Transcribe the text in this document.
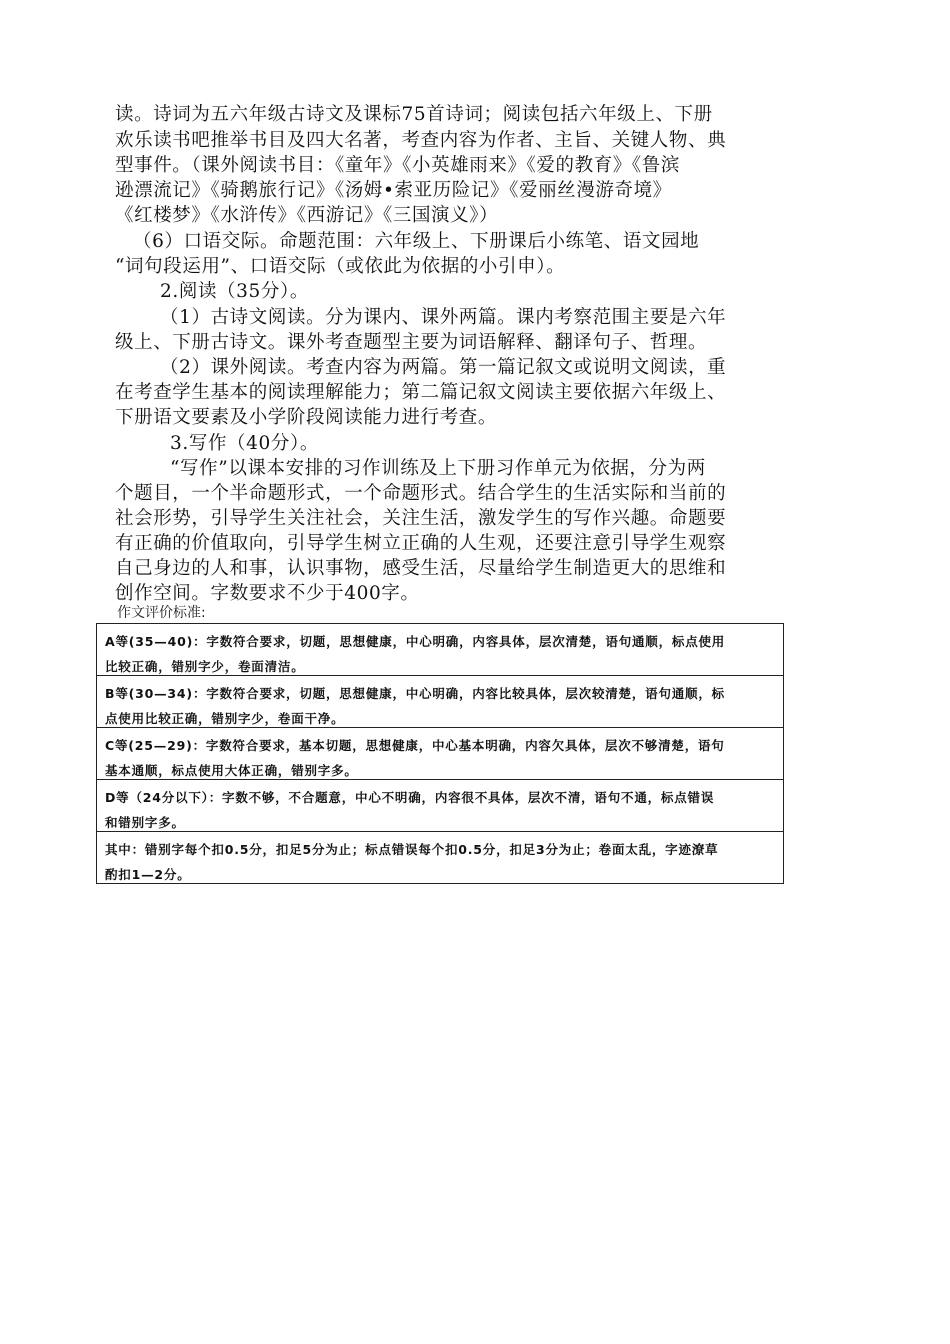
读。诗词为五六年级古诗文及课标75首诗词；阅读包括六年级上、下册
欢乐读书吧推举书目及四大名著，考查内容为作者、主旨、关键人物、典
型事件。（课外阅读书目：《童年》《小英雄雨来》《爱的教育》《鲁滨
逊漂流记》《骑鹅旅行记》《汤姆•索亚历险记》《爱丽丝漫游奇境》
《红楼梦》《水浒传》《西游记》《三国演义》）
（6）口语交际。命题范围：六年级上、下册课后小练笔、语文园地
“词句段运用”、口语交际（或依此为依据的小引申）。
2.阅读（35分）。
（1）古诗文阅读。分为课内、课外两篇。课内考察范围主要是六年
级上、下册古诗文。课外考查题型主要为词语解释、翻译句子、哲理。
（2）课外阅读。考查内容为两篇。第一篇记叙文或说明文阅读，重
在考查学生基本的阅读理解能力；第二篇记叙文阅读主要依据六年级上、
下册语文要素及小学阶段阅读能力进行考查。
3.写作（40分）。
“写作”以课本安排的习作训练及上下册习作单元为依据，分为两
个题目，一个半命题形式，一个命题形式。结合学生的生活实际和当前的
社会形势，引导学生关注社会，关注生活，激发学生的写作兴趣。命题要
有正确的价值取向，引导学生树立正确的人生观，还要注意引导学生观察
自己身边的人和事，认识事物，感受生活，尽量给学生制造更大的思维和
创作空间。字数要求不少于400字。
作文评价标准:
A等(35—40)：字数符合要求，切题，思想健康，中心明确，内容具体，层次清楚，语句通顺，标点使用
比较正确，错别字少，卷面清洁。
B等(30—34)：字数符合要求，切题，思想健康，中心明确，内容比较具体，层次较清楚，语句通顺，标
点使用比较正确，错别字少，卷面干净。
C等(25—29)：字数符合要求，基本切题，思想健康，中心基本明确，内容欠具体，层次不够清楚，语句
基本通顺，标点使用大体正确，错别字多。
D等（24分以下）：字数不够，不合题意，中心不明确，内容很不具体，层次不清，语句不通，标点错误
和错别字多。
其中：错别字每个扣0.5分，扣足5分为止；标点错误每个扣0.5分，扣足3分为止；卷面太乱，字迹潦草
酌扣1—2分。
